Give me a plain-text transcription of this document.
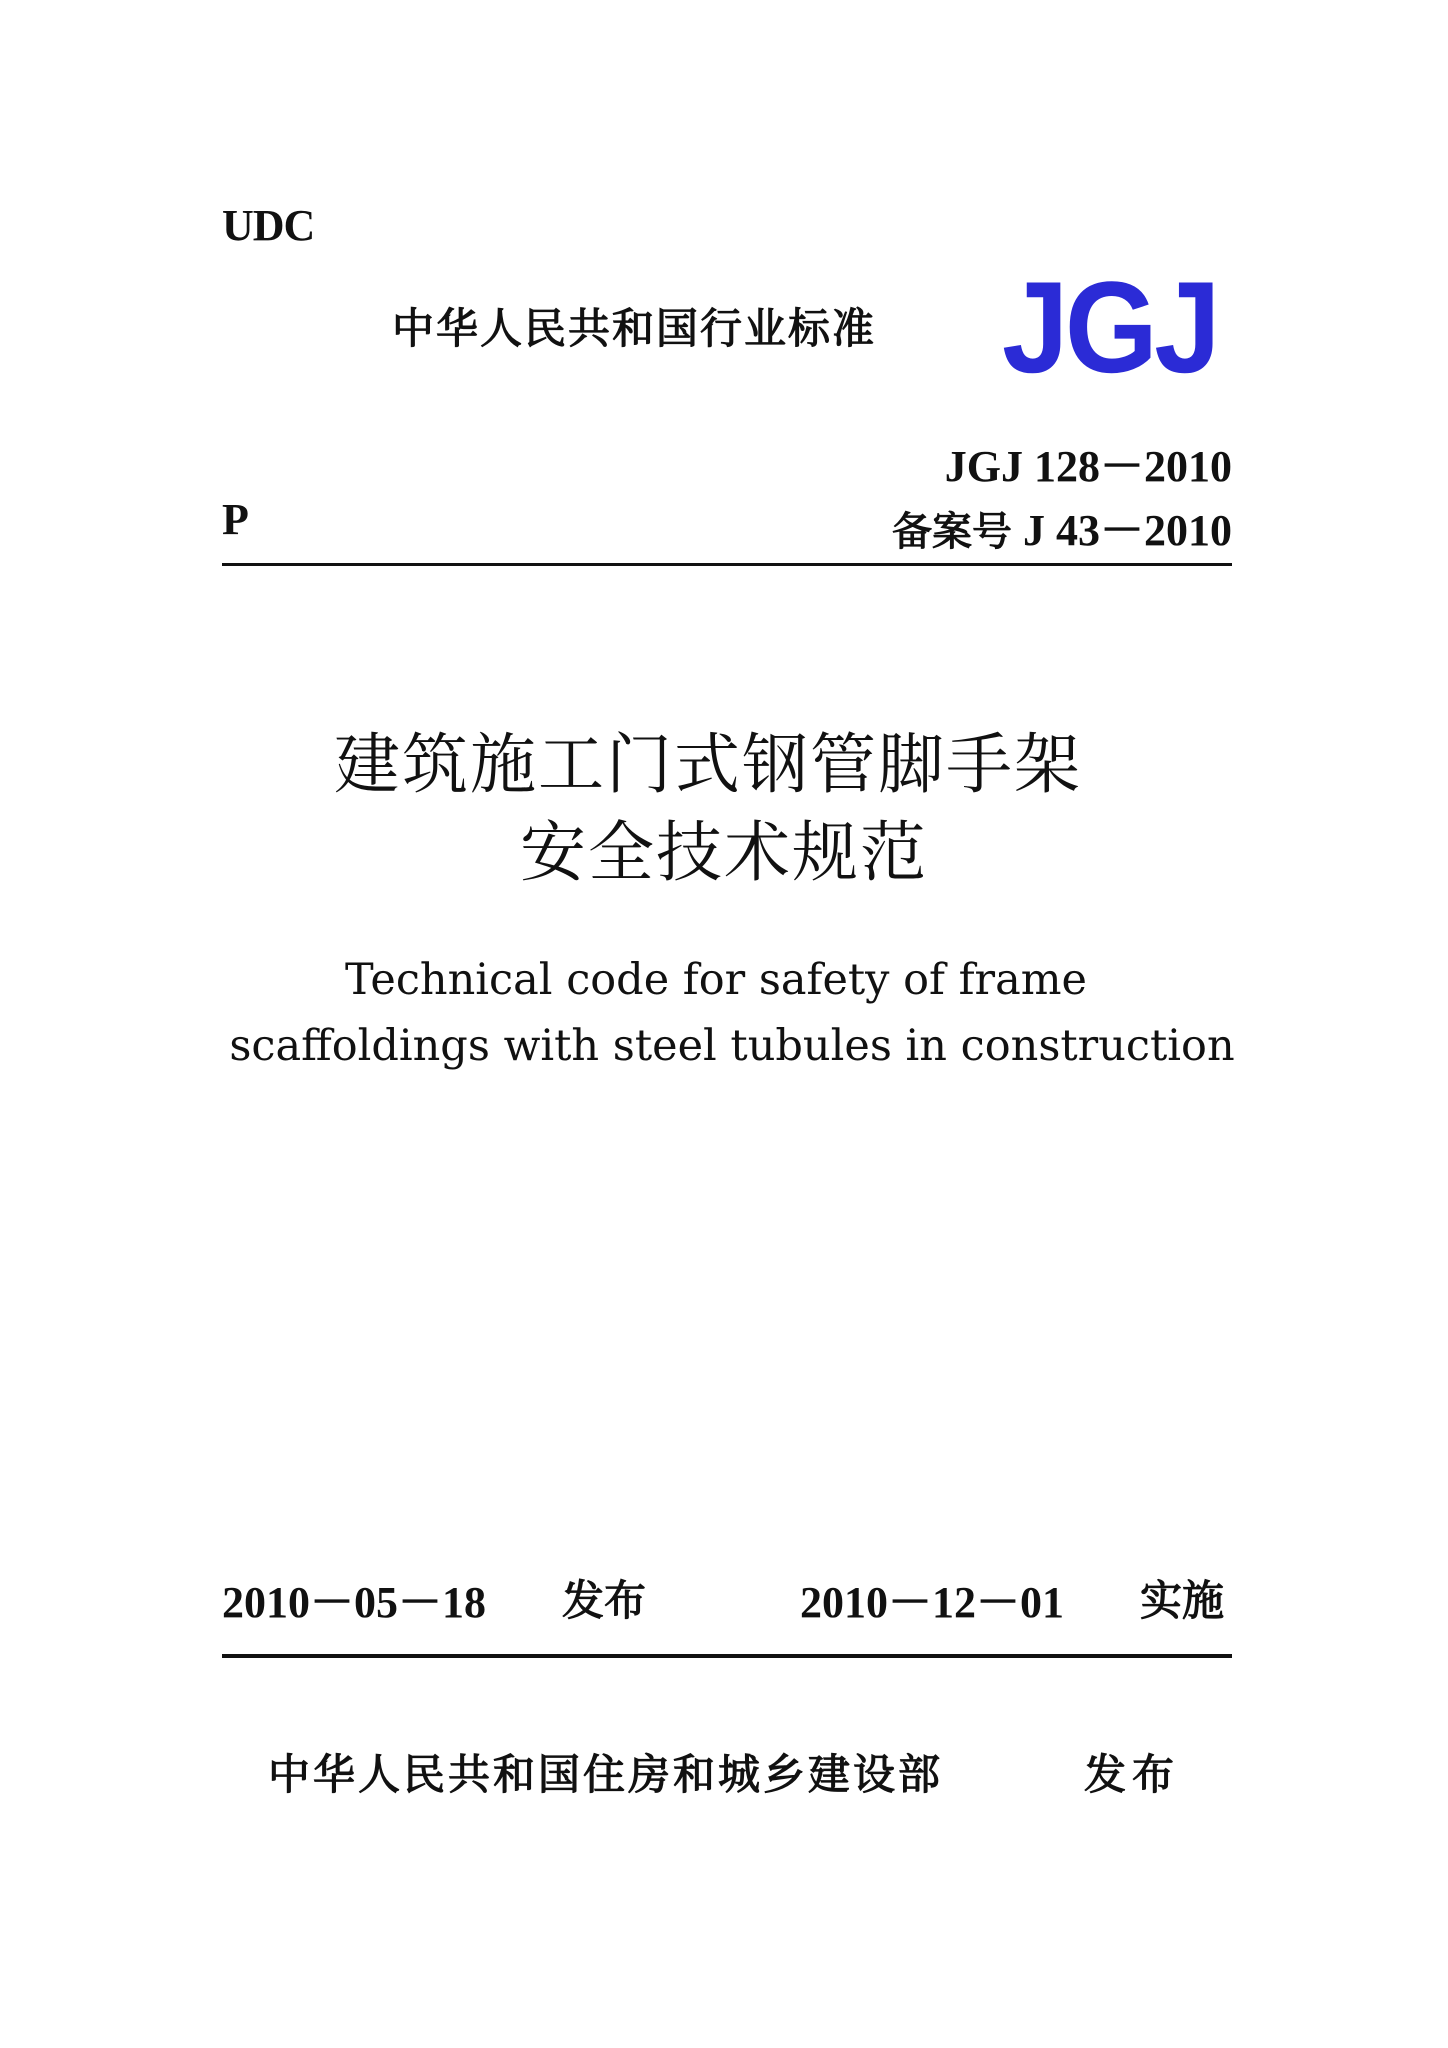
UDC
中华人民共和国行业标准 JGJ
JGJ 128－2010
P	备案号 J 43－2010
建筑施工门式钢管脚手架
安全技术规范
Technical code for safety of frame
scaffoldings with steel tubules in construction
2010－05－18 发布	2010－12－01 实施
中华人民共和国住房和城乡建设部	发布
